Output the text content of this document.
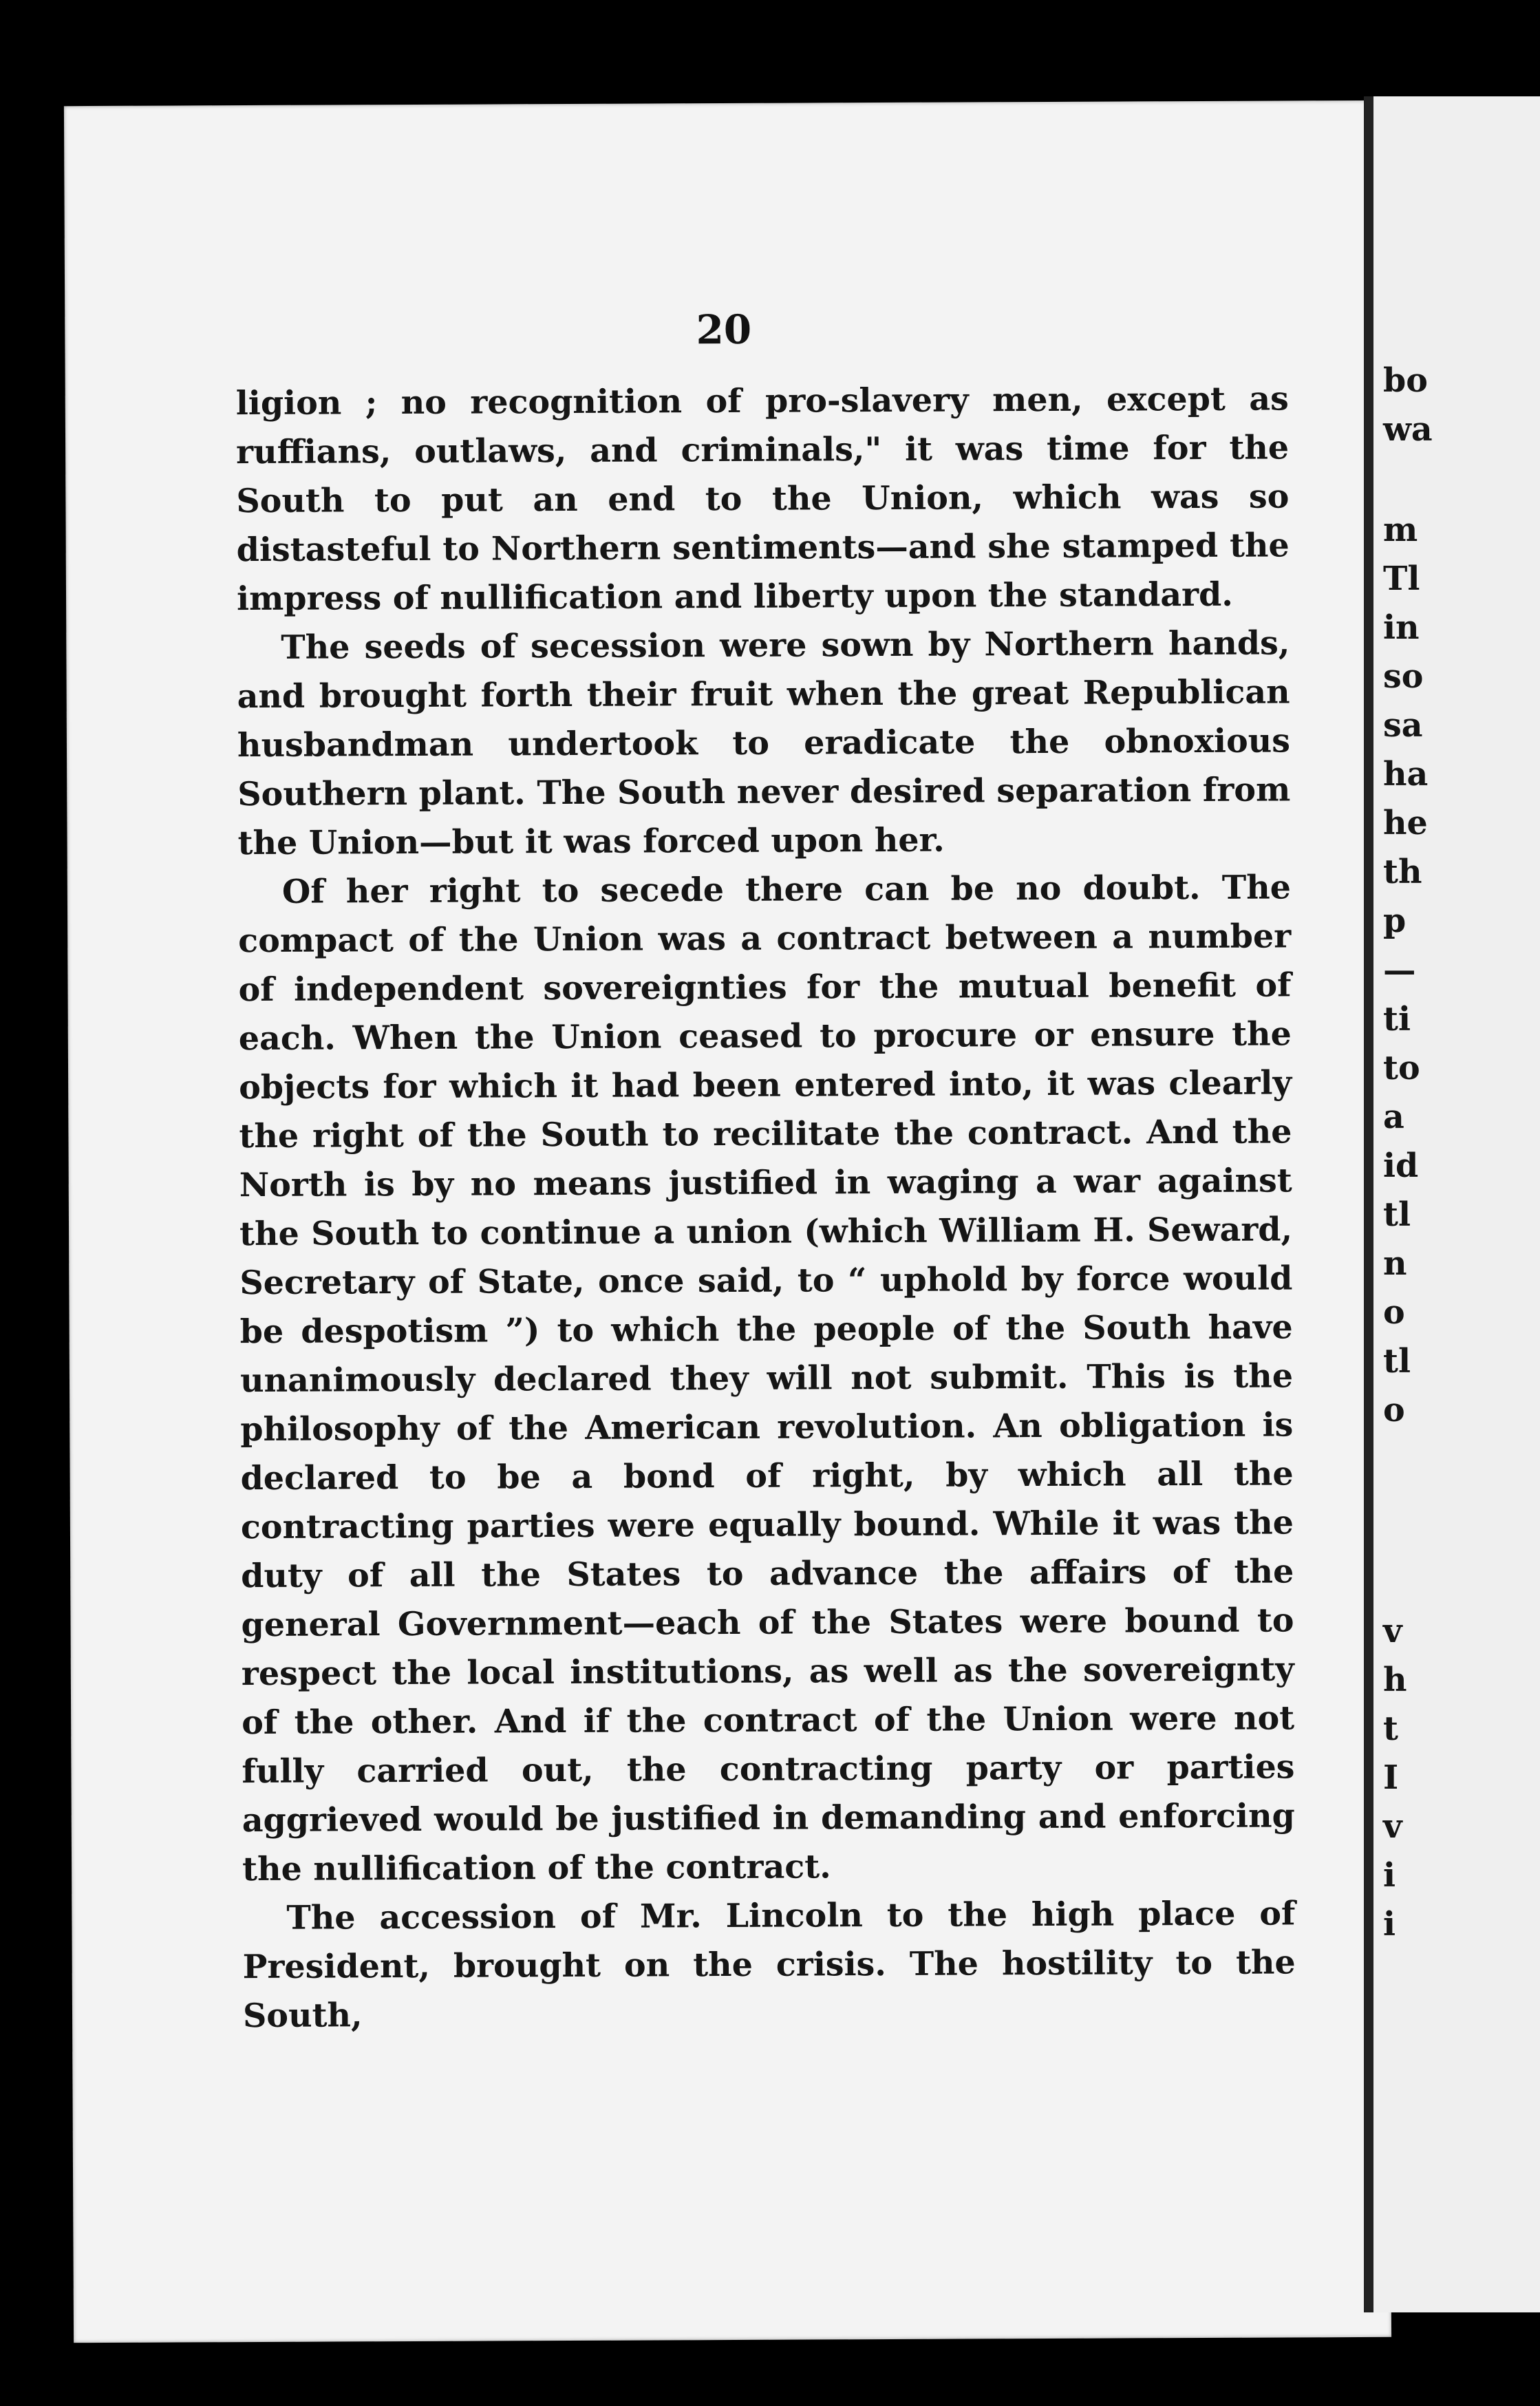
20

ligion ; no recognition of pro-slavery men, except as ruffians, outlaws, and criminals," it was time for the South to put an end to the Union, which was so distasteful to Northern sentiments—and she stamped the impress of nullification and liberty upon the standard.

The seeds of secession were sown by Northern hands, and brought forth their fruit when the great Republican husbandman undertook to eradicate the obnoxious Southern plant. The South never desired separation from the Union—but it was forced upon her.

Of her right to secede there can be no doubt. The compact of the Union was a contract between a number of independent sovereignties for the mutual benefit of each. When the Union ceased to procure or ensure the objects for which it had been entered into, it was clearly the right of the South to recilitate the contract. And the North is by no means justified in waging a war against the South to continue a union (which William H. Seward, Secretary of State, once said, to “ uphold by force would be despotism ”) to which the people of the South have unanimously declared they will not submit. This is the philosophy of the American revolution. An obligation is declared to be a bond of right, by which all the contracting parties were equally bound. While it was the duty of all the States to advance the affairs of the general Government—each of the States were bound to respect the local institutions, as well as the sovereignty of the other. And if the contract of the Union were not fully carried out, the contracting party or parties aggrieved would be justified in demanding and enforcing the nullification of the contract.

The accession of Mr. Lincoln to the high place of President, brought on the crisis. The hostility to the South,

bo
wa
m
Tl
in
so
sa
ha
he
th
p
—
ti
to
a
id
tl
n
o
tl
o
v
h
t
I
v
i
i
